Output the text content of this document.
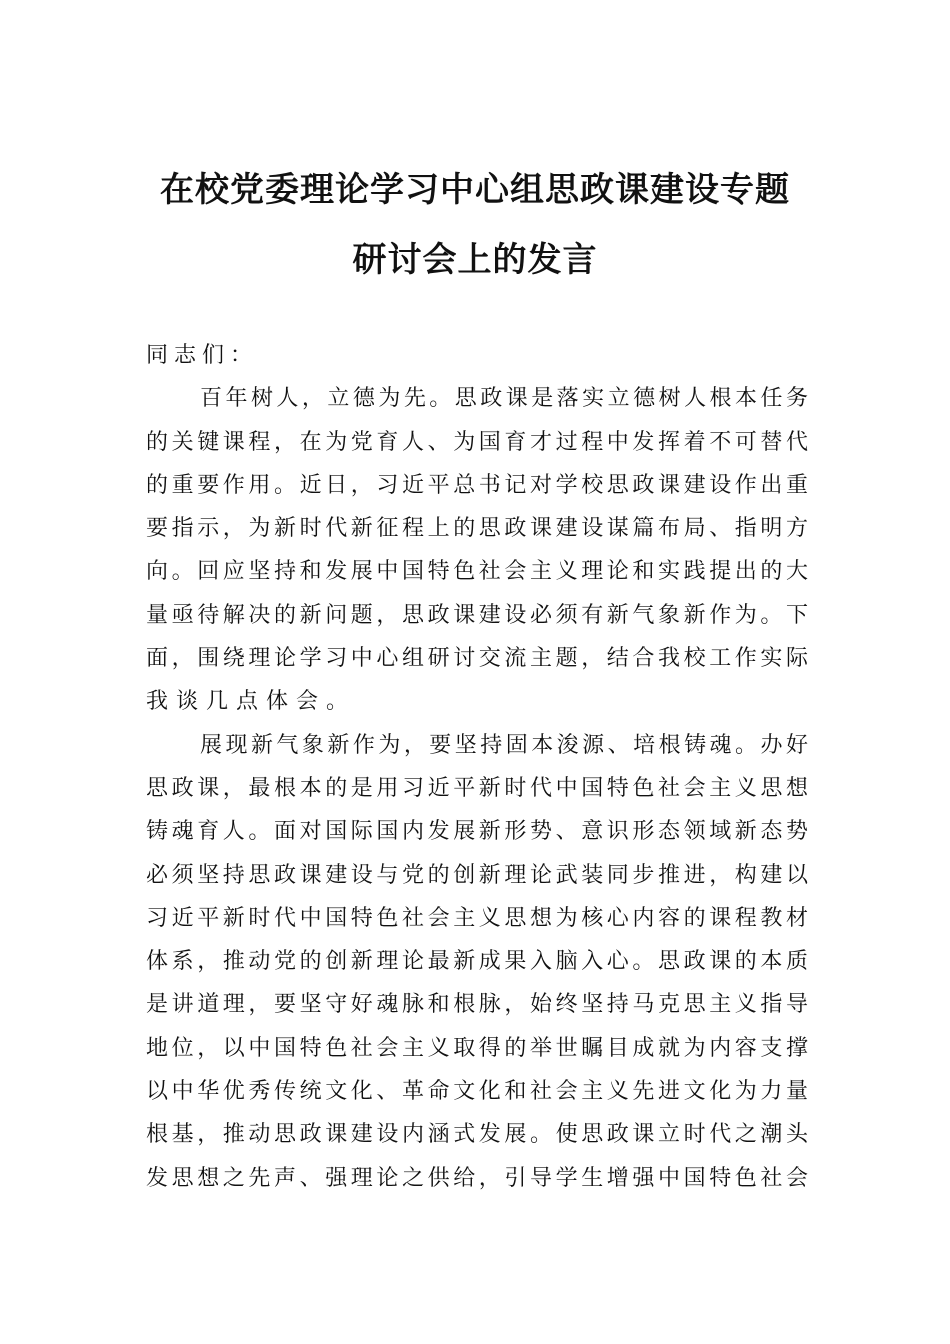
在校党委理论学习中心组思政课建设专题
研讨会上的发言
同志们：
百年树人，立德为先。思政课是落实立德树人根本任务
的关键课程，在为党育人、为国育才过程中发挥着不可替代
的重要作用。近日，习近平总书记对学校思政课建设作出重
要指示，为新时代新征程上的思政课建设谋篇布局、指明方
向。回应坚持和发展中国特色社会主义理论和实践提出的大
量亟待解决的新问题，思政课建设必须有新气象新作为。下
面，围绕理论学习中心组研讨交流主题，结合我校工作实际
我谈几点体会。
展现新气象新作为，要坚持固本浚源、培根铸魂。办好
思政课，最根本的是用习近平新时代中国特色社会主义思想
铸魂育人。面对国际国内发展新形势、意识形态领域新态势
必须坚持思政课建设与党的创新理论武装同步推进，构建以
习近平新时代中国特色社会主义思想为核心内容的课程教材
体系，推动党的创新理论最新成果入脑入心。思政课的本质
是讲道理，要坚守好魂脉和根脉，始终坚持马克思主义指导
地位，以中国特色社会主义取得的举世瞩目成就为内容支撑
以中华优秀传统文化、革命文化和社会主义先进文化为力量
根基，推动思政课建设内涵式发展。使思政课立时代之潮头
发思想之先声、强理论之供给，引导学生增强中国特色社会
